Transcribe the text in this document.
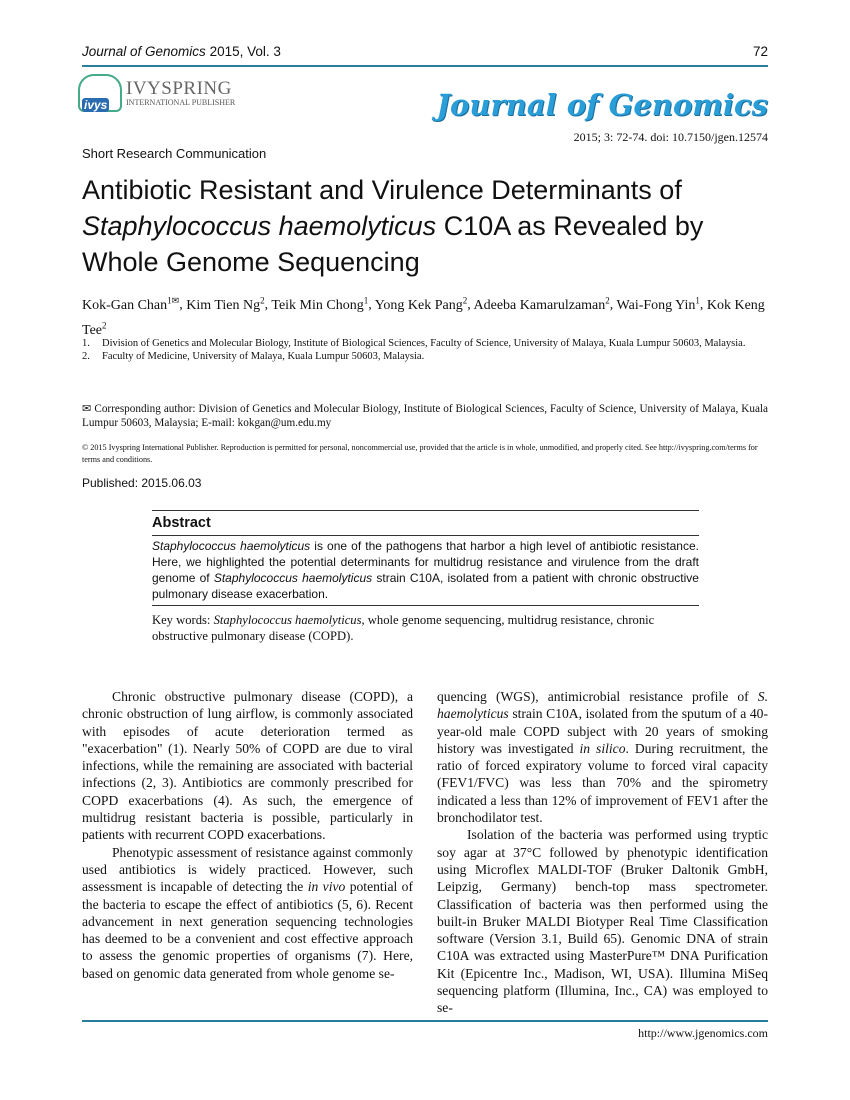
Journal of Genomics 2015, Vol. 3	72
ivys
IVYSPRING
INTERNATIONAL PUBLISHER	Journal of Genomics
2015; 3: 72-74. doi: 10.7150/jgen.12574
Short Research Communication
Antibiotic Resistant and Virulence Determinants of Staphylococcus haemolyticus C10A as Revealed by Whole Genome Sequencing
Kok-Gan Chan$^{1✉}$, Kim Tien Ng$^2$, Teik Min Chong$^1$, Yong Kek Pang$^2$, Adeeba Kamarulzaman$^2$, Wai-Fong Yin$^1$, Kok Keng Tee$^2$
1.	Division of Genetics and Molecular Biology, Institute of Biological Sciences, Faculty of Science, University of Malaya, Kuala Lumpur 50603, Malaysia.
2.	Faculty of Medicine, University of Malaya, Kuala Lumpur 50603, Malaysia.
✉ Corresponding author: Division of Genetics and Molecular Biology, Institute of Biological Sciences, Faculty of Science, University of Malaya, Kuala Lumpur 50603, Malaysia; E-mail: kokgan@um.edu.my
© 2015 Ivyspring International Publisher. Reproduction is permitted for personal, noncommercial use, provided that the article is in whole, unmodified, and properly cited. See http://ivyspring.com/terms for terms and conditions.
Published: 2015.06.03
Abstract
Staphylococcus haemolyticus is one of the pathogens that harbor a high level of antibiotic resistance. Here, we highlighted the potential determinants for multidrug resistance and virulence from the draft genome of Staphylococcus haemolyticus strain C10A, isolated from a patient with chronic obstructive pulmonary disease exacerbation.
Key words: Staphylococcus haemolyticus, whole genome sequencing, multidrug resistance, chronic obstructive pulmonary disease (COPD).

Chronic obstructive pulmonary disease (COPD), a chronic obstruction of lung airflow, is commonly associated with episodes of acute deterioration termed as "exacerbation" (1). Nearly 50% of COPD are due to viral infections, while the remaining are associated with bacterial infections (2, 3). Antibiotics are commonly prescribed for COPD exacerbations (4). As such, the emergence of multidrug resistant bacteria is possible, particularly in patients with recurrent COPD exacerbations.

Phenotypic assessment of resistance against commonly used antibiotics is widely practiced. However, such assessment is incapable of detecting the in vivo potential of the bacteria to escape the effect of antibiotics (5, 6). Recent advancement in next generation sequencing technologies has deemed to be a convenient and cost effective approach to assess the genomic properties of organisms (7). Here, based on genomic data generated from whole genome se-

quencing (WGS), antimicrobial resistance profile of S. haemolyticus strain C10A, isolated from the sputum of a 40-year-old male COPD subject with 20 years of smoking history was investigated in silico. During recruitment, the ratio of forced expiratory volume to forced viral capacity (FEV1/FVC) was less than 70% and the spirometry indicated a less than 12% of improvement of FEV1 after the bronchodilator test.

Isolation of the bacteria was performed using tryptic soy agar at 37°C followed by phenotypic identification using Microflex MALDI-TOF (Bruker Daltonik GmbH, Leipzig, Germany) bench-top mass spectrometer. Classification of bacteria was then performed using the built-in Bruker MALDI Biotyper Real Time Classification software (Version 3.1, Build 65). Genomic DNA of strain C10A was extracted using MasterPure™ DNA Purification Kit (Epicentre Inc., Madison, WI, USA). Illumina MiSeq sequencing platform (Illumina, Inc., CA) was employed to se-

http://www.jgenomics.com
